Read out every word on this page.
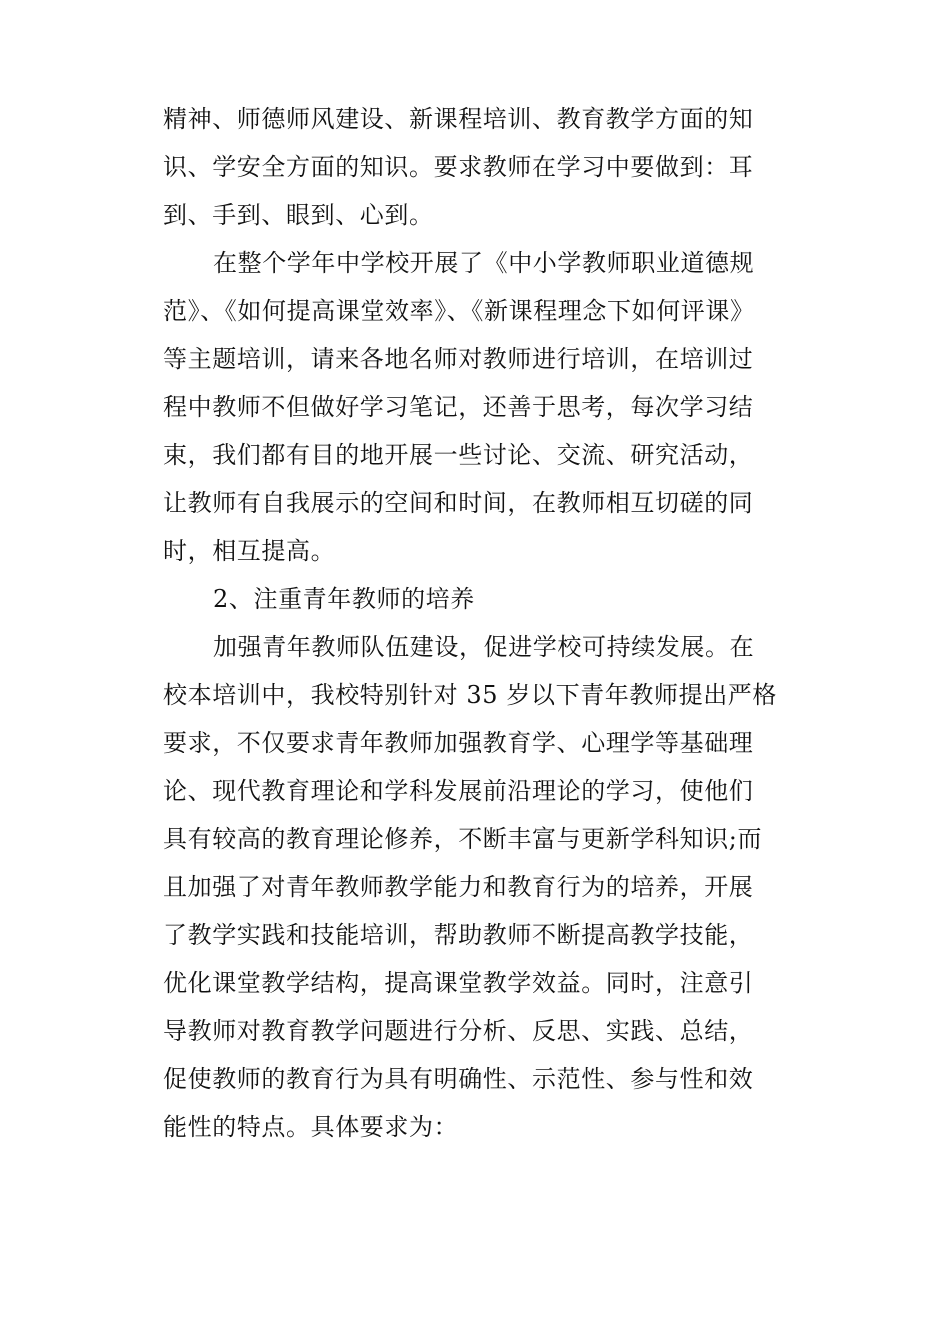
精神、师德师风建设、新课程培训、教育教学方面的知
识、学安全方面的知识。要求教师在学习中要做到：耳
到、手到、眼到、心到。
在整个学年中学校开展了《中小学教师职业道德规
范》、《如何提高课堂效率》、《新课程理念下如何评课》
等主题培训，请来各地名师对教师进行培训，在培训过
程中教师不但做好学习笔记，还善于思考，每次学习结
束，我们都有目的地开展一些讨论、交流、研究活动，
让教师有自我展示的空间和时间，在教师相互切磋的同
时，相互提高。
2、注重青年教师的培养
加强青年教师队伍建设，促进学校可持续发展。在
校本培训中，我校特别针对 35 岁以下青年教师提出严格
要求，不仅要求青年教师加强教育学、心理学等基础理
论、现代教育理论和学科发展前沿理论的学习，使他们
具有较高的教育理论修养，不断丰富与更新学科知识;而
且加强了对青年教师教学能力和教育行为的培养，开展
了教学实践和技能培训，帮助教师不断提高教学技能，
优化课堂教学结构，提高课堂教学效益。同时，注意引
导教师对教育教学问题进行分析、反思、实践、总结，
促使教师的教育行为具有明确性、示范性、参与性和效
能性的特点。具体要求为：
